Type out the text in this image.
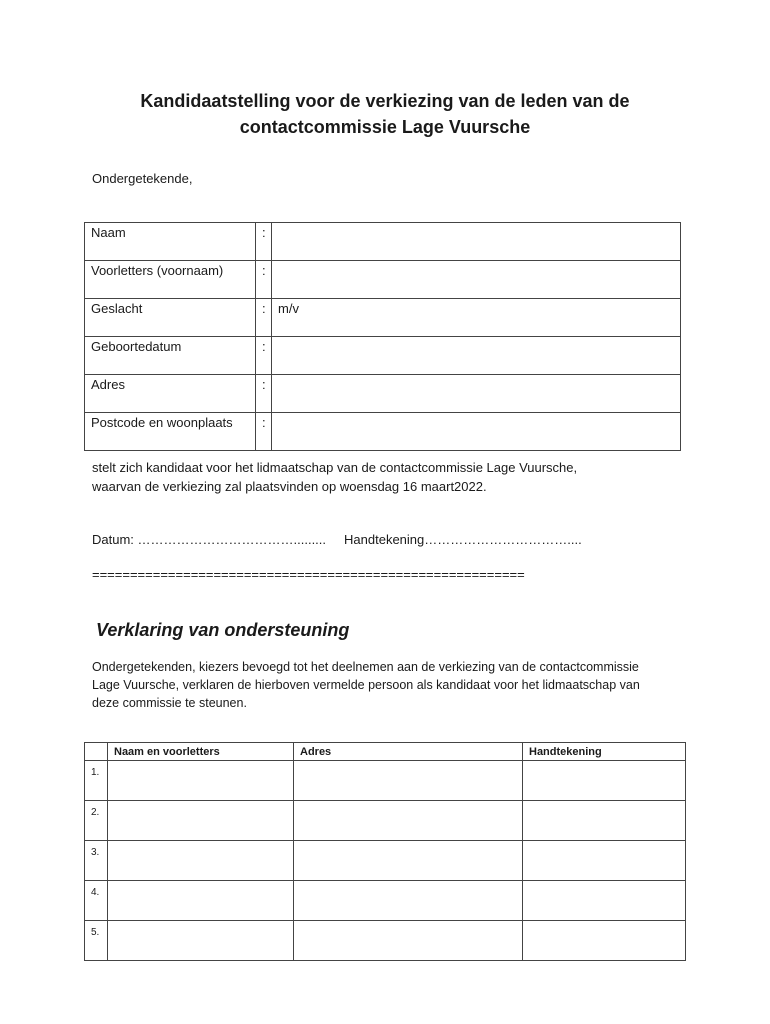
Kandidaatstelling voor de verkiezing van de leden van de
contactcommissie Lage Vuursche
Ondergetekende,
Naam	:	
Voorletters (voornaam)	:	
Geslacht	:	m/v
Geboortedatum	:	
Adres	:	
Postcode en woonplaats	:	
stelt zich kandidaat voor het lidmaatschap van de contactcommissie Lage Vuursche,
waarvan de verkiezing zal plaatsvinden op woensdag 16 maart2022.
Datum: ………………………………......... Handtekening……………………………....
=========================================================
Verklaring van ondersteuning
Ondergetekenden, kiezers bevoegd tot het deelnemen aan de verkiezing van de contactcommissie
Lage Vuursche, verklaren de hierboven vermelde persoon als kandidaat voor het lidmaatschap van
deze commissie te steunen.
	Naam en voorletters	Adres	Handtekening
1.			
2.			
3.			
4.			
5.			
